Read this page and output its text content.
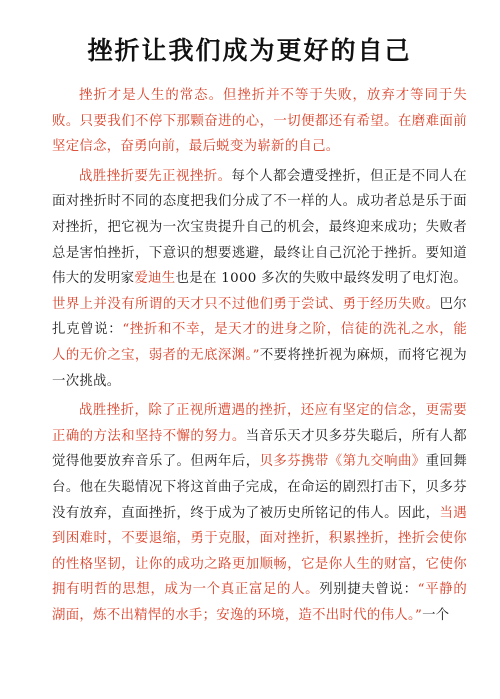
挫折让我们成为更好的自己

挫折才是人生的常态。但挫折并不等于失败，放弃才等同于失败。只要我们不停下那颗奋进的心，一切便都还有希望。在磨难面前坚定信念，奋勇向前，最后蜕变为崭新的自己。

战胜挫折要先正视挫折。每个人都会遭受挫折，但正是不同人在面对挫折时不同的态度把我们分成了不一样的人。成功者总是乐于面对挫折，把它视为一次宝贵提升自己的机会，最终迎来成功；失败者总是害怕挫折，下意识的想要逃避，最终让自己沉沦于挫折。要知道伟大的发明家爱迪生也是在 1000 多次的失败中最终发明了电灯泡。世界上并没有所谓的天才只不过他们勇于尝试、勇于经历失败。巴尔扎克曾说：“挫折和不幸，是天才的进身之阶，信徒的洗礼之水，能人的无价之宝，弱者的无底深渊。”不要将挫折视为麻烦，而将它视为一次挑战。

战胜挫折，除了正视所遭遇的挫折，还应有坚定的信念，更需要正确的方法和坚持不懈的努力。当音乐天才贝多芬失聪后，所有人都觉得他要放弃音乐了。但两年后，贝多芬携带《第九交响曲》重回舞台。他在失聪情况下将这首曲子完成，在命运的剧烈打击下，贝多芬没有放弃，直面挫折，终于成为了被历史所铭记的伟人。因此，当遇到困难时，不要退缩，勇于克服，面对挫折，积累挫折，挫折会使你的性格坚韧，让你的成功之路更加顺畅，它是你人生的财富，它使你拥有明哲的思想，成为一个真正富足的人。列别捷夫曾说：“平静的湖面，炼不出精悍的水手；安逸的环境，造不出时代的伟人。”一个
